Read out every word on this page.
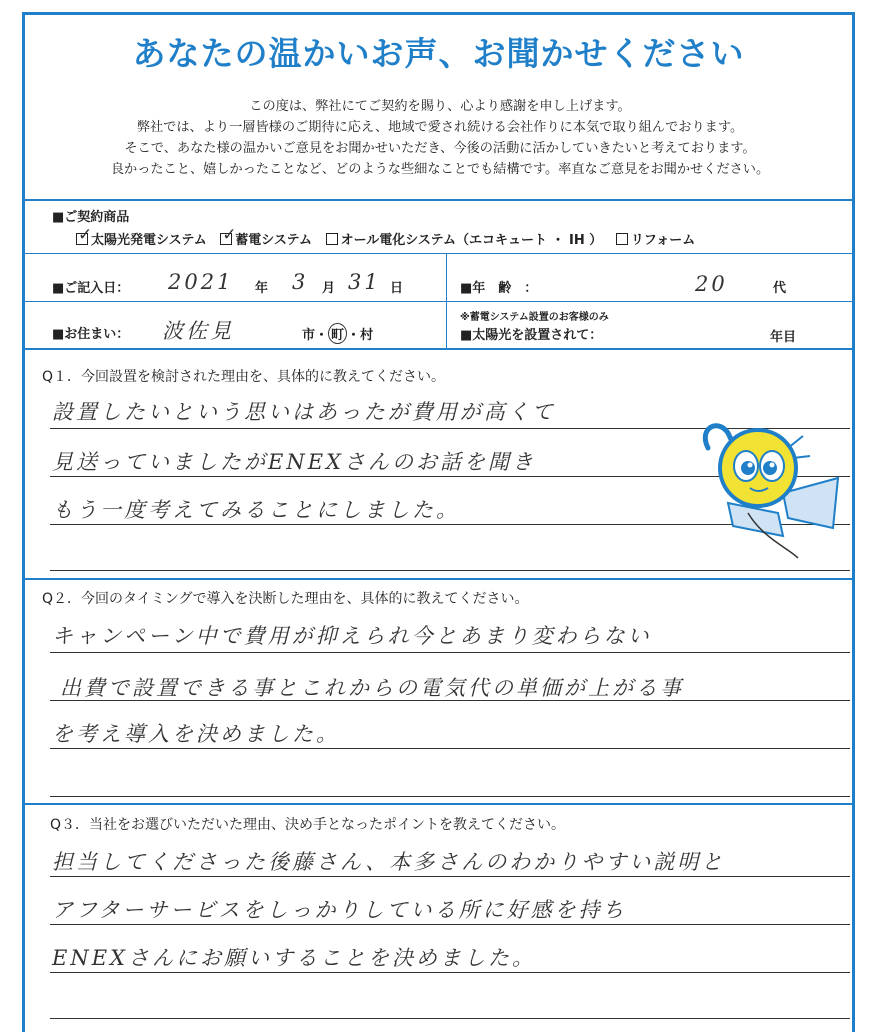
あなたの温かいお声、お聞かせください
この度は、弊社にてご契約を賜り、心より感謝を申し上げます。
弊社では、より一層皆様のご期待に応え、地域で愛され続ける会社作りに本気で取り組んでおります。
そこで、あなた様の温かいご意見をお聞かせいただき、今後の活動に活かしていきたいと考えております。
良かったこと、嬉しかったことなど、どのような些細なことでも結構です。率直なご意見をお聞かせください。
■ご契約商品
✓
太陽光発電システム ✓
蓄電システム オール電化システム（エコキュート ・ IH ） リフォーム
■ご記入日： 2021 年 3 月 31 日	■年　齢　：	20	代
■お住まい： 波佐見	市・ 町 ・村
※蓄電システム設置のお客様のみ
■太陽光を設置されて：	年目
Q１．今回設置を検討された理由を、具体的に教えてください。
設置したいという思いはあったが費用が高くて
見送っていましたがENEXさんのお話を聞き
もう一度考えてみることにしました。
Q２．今回のタイミングで導入を決断した理由を、具体的に教えてください。
キャンペーン中で費用が抑えられ今とあまり変わらない
出費で設置できる事とこれからの電気代の単価が上がる事
を考え導入を決めました。
Q３．当社をお選びいただいた理由、決め手となったポイントを教えてください。
担当してくださった後藤さん、本多さんのわかりやすい説明と
アフターサービスをしっかりしている所に好感を持ち
ENEXさんにお願いすることを決めました。
